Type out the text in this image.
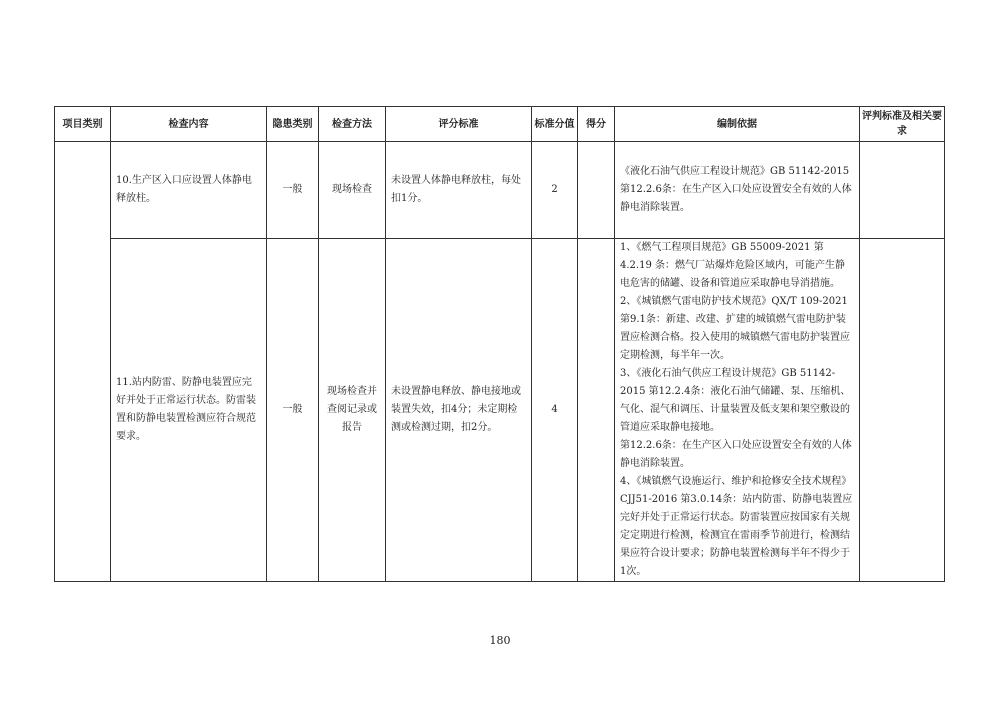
项目类别	检查内容	隐患类别	检查方法	评分标准	标准分值	得分	编制依据	评判标准及相关要求
	10.生产区入口应设置人体静电释放柱。	一般	现场检查	未设置人体静电释放柱，每处扣1分。	2		《液化石油气供应工程设计规范》GB 51142-2015 第12.2.6条：在生产区入口处应设置安全有效的人体静电消除装置。	

	11.站内防雷、防静电装置应完好并处于正常运行状态。防雷装置和防静电装置检测应符合规范要求。	一般	现场检查并查阅记录或报告	未设置静电释放、静电接地或装置失效，扣4分；未定期检测或检测过期，扣2分。	4		1、《燃气工程项目规范》GB 55009-2021 第 4.2.19 条：燃气厂站爆炸危险区域内，可能产生静电危害的储罐、设备和管道应采取静电导消措施。
2、《城镇燃气雷电防护技术规范》QX/T 109-2021 第9.1条：新建、改建、扩建的城镇燃气雷电防护装置应检测合格。投入使用的城镇燃气雷电防护装置应定期检测，每半年一次。
3、《液化石油气供应工程设计规范》GB 51142-2015 第12.2.4条：液化石油气储罐、泵、压缩机、气化、混气和调压、计量装置及低支架和架空敷设的管道应采取静电接地。
第12.2.6条：在生产区入口处应设置安全有效的人体静电消除装置。
4、《城镇燃气设施运行、维护和抢修安全技术规程》CJJ51-2016 第3.0.14条：站内防雷、防静电装置应完好并处于正常运行状态。防雷装置应按国家有关规定定期进行检测，检测宜在雷雨季节前进行，检测结果应符合设计要求；防静电装置检测每半年不得少于1次。	

180
